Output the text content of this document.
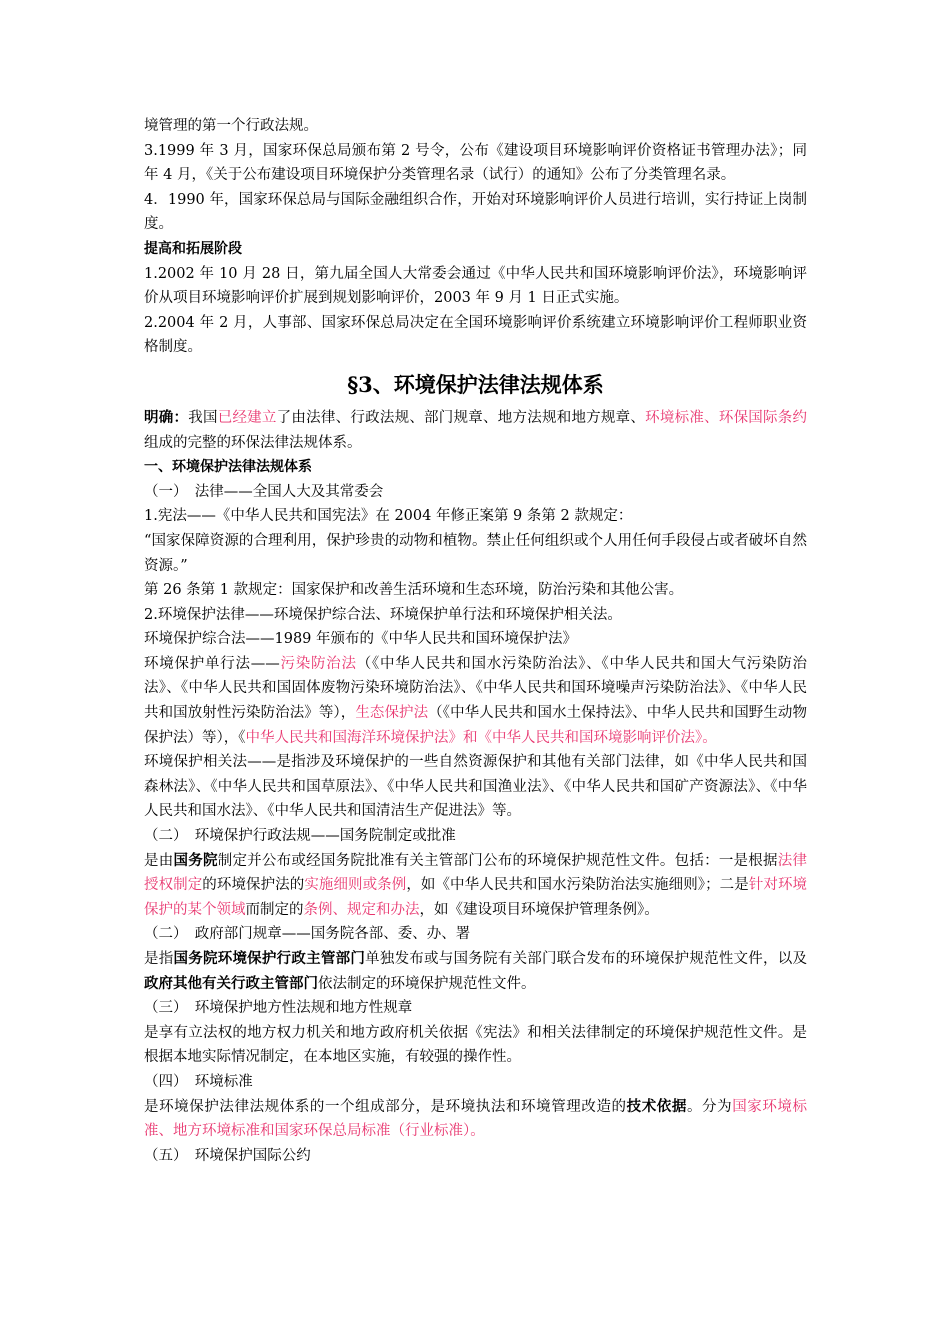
境管理的第一个行政法规。

3.1999 年 3 月，国家环保总局颁布第 2 号令，公布《建设项目环境影响评价资格证书管理办法》；同年 4 月，《关于公布建设项目环境保护分类管理名录（试行）的通知》公布了分类管理名录。

4．1990 年，国家环保总局与国际金融组织合作，开始对环境影响评价人员进行培训，实行持证上岗制度。

提高和拓展阶段

1.2002 年 10 月 28 日，第九届全国人大常委会通过《中华人民共和国环境影响评价法》，环境影响评价从项目环境影响评价扩展到规划影响评价，2003 年 9 月 1 日正式实施。

2.2004 年 2 月，人事部、国家环保总局决定在全国环境影响评价系统建立环境影响评价工程师职业资格制度。

§3、环境保护法律法规体系

明确：我国已经建立了由法律、行政法规、部门规章、地方法规和地方规章、环境标准、环保国际条约组成的完整的环保法律法规体系。

一、环境保护法律法规体系

（一）　法律——全国人大及其常委会

1.宪法——《中华人民共和国宪法》在 2004 年修正案第 9 条第 2 款规定：

“国家保障资源的合理利用，保护珍贵的动物和植物。禁止任何组织或个人用任何手段侵占或者破坏自然资源。”

第 26 条第 1 款规定：国家保护和改善生活环境和生态环境，防治污染和其他公害。

2.环境保护法律——环境保护综合法、环境保护单行法和环境保护相关法。

环境保护综合法——1989 年颁布的《中华人民共和国环境保护法》

环境保护单行法——污染防治法（《中华人民共和国水污染防治法》、《中华人民共和国大气污染防治法》、《中华人民共和国固体废物污染环境防治法》、《中华人民共和国环境噪声污染防治法》、《中华人民共和国放射性污染防治法》等），生态保护法（《中华人民共和国水土保持法》、中华人民共和国野生动物保护法）等），《中华人民共和国海洋环境保护法》和《中华人民共和国环境影响评价法》。

环境保护相关法——是指涉及环境保护的一些自然资源保护和其他有关部门法律，如《中华人民共和国森林法》、《中华人民共和国草原法》、《中华人民共和国渔业法》、《中华人民共和国矿产资源法》、《中华人民共和国水法》、《中华人民共和国清洁生产促进法》等。

（二）　环境保护行政法规——国务院制定或批准

是由国务院制定并公布或经国务院批准有关主管部门公布的环境保护规范性文件。包括：一是根据法律授权制定的环境保护法的实施细则或条例，如《中华人民共和国水污染防治法实施细则》；二是针对环境保护的某个领域而制定的条例、规定和办法，如《建设项目环境保护管理条例》。

（二）　政府部门规章——国务院各部、委、办、署

是指国务院环境保护行政主管部门单独发布或与国务院有关部门联合发布的环境保护规范性文件，以及政府其他有关行政主管部门依法制定的环境保护规范性文件。

（三）　环境保护地方性法规和地方性规章

是享有立法权的地方权力机关和地方政府机关依据《宪法》和相关法律制定的环境保护规范性文件。是根据本地实际情况制定，在本地区实施，有较强的操作性。

（四）　环境标准

是环境保护法律法规体系的一个组成部分，是环境执法和环境管理改造的技术依据。分为国家环境标准、地方环境标准和国家环保总局标准（行业标准）。

（五）　环境保护国际公约
